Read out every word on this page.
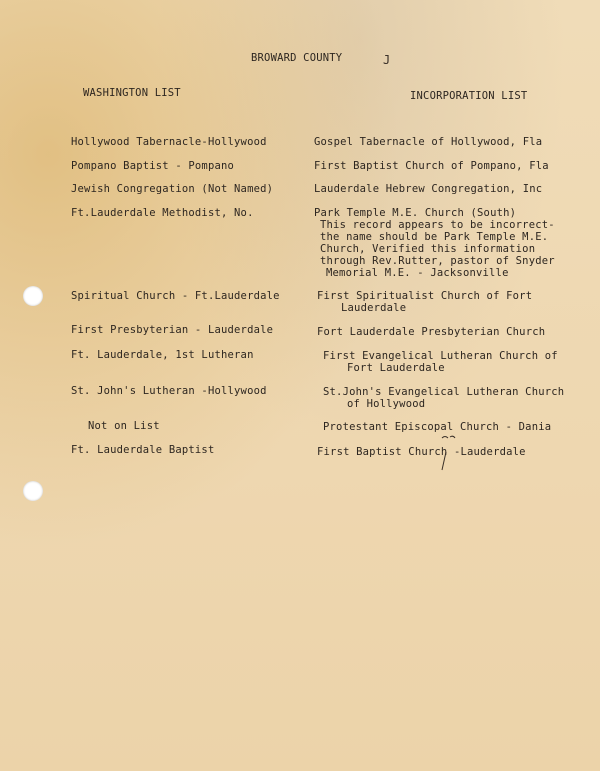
BROWARD COUNTY	J
WASHINGTON LIST	INCORPORATION LIST
Hollywood Tabernacle-Hollywood
Pompano Baptist - Pompano
Jewish Congregation (Not Named)
Ft.Lauderdale Methodist, No.
Spiritual Church - Ft.Lauderdale
First Presbyterian - Lauderdale
Ft. Lauderdale, 1st Lutheran
St. John's Lutheran -Hollywood
Not on List
Ft. Lauderdale Baptist
Gospel Tabernacle of Hollywood, Fla
First Baptist Church of Pompano, Fla
Lauderdale Hebrew Congregation, Inc
Park Temple M.E. Church (South)
This record appears to be incorrect-
the name should be Park Temple M.E.
Church, Verified this information
through Rev.Rutter, pastor of Snyder
Memorial M.E. - Jacksonville
First Spiritualist Church of Fort
Lauderdale
Fort Lauderdale Presbyterian Church
First Evangelical Lutheran Church of
Fort Lauderdale
St.John's Evangelical Lutheran Church
of Hollywood
Protestant Episcopal Church - Dania
First Baptist Church -Lauderdale
